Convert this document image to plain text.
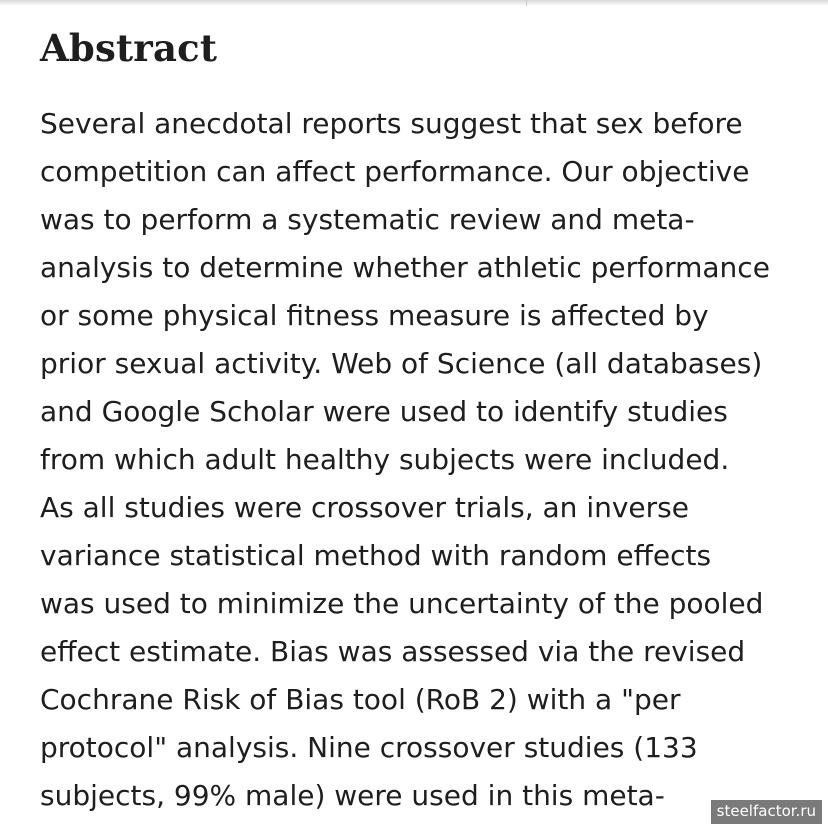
Abstract
Several anecdotal reports suggest that sex before
competition can affect performance. Our objective
was to perform a systematic review and meta-
analysis to determine whether athletic performance
or some physical fitness measure is affected by
prior sexual activity. Web of Science (all databases)
and Google Scholar were used to identify studies
from which adult healthy subjects were included.
As all studies were crossover trials, an inverse
variance statistical method with random effects
was used to minimize the uncertainty of the pooled
effect estimate. Bias was assessed via the revised
Cochrane Risk of Bias tool (RoB 2) with a "per
protocol" analysis. Nine crossover studies (133
subjects, 99% male) were used in this meta-	steelfactor.ru
